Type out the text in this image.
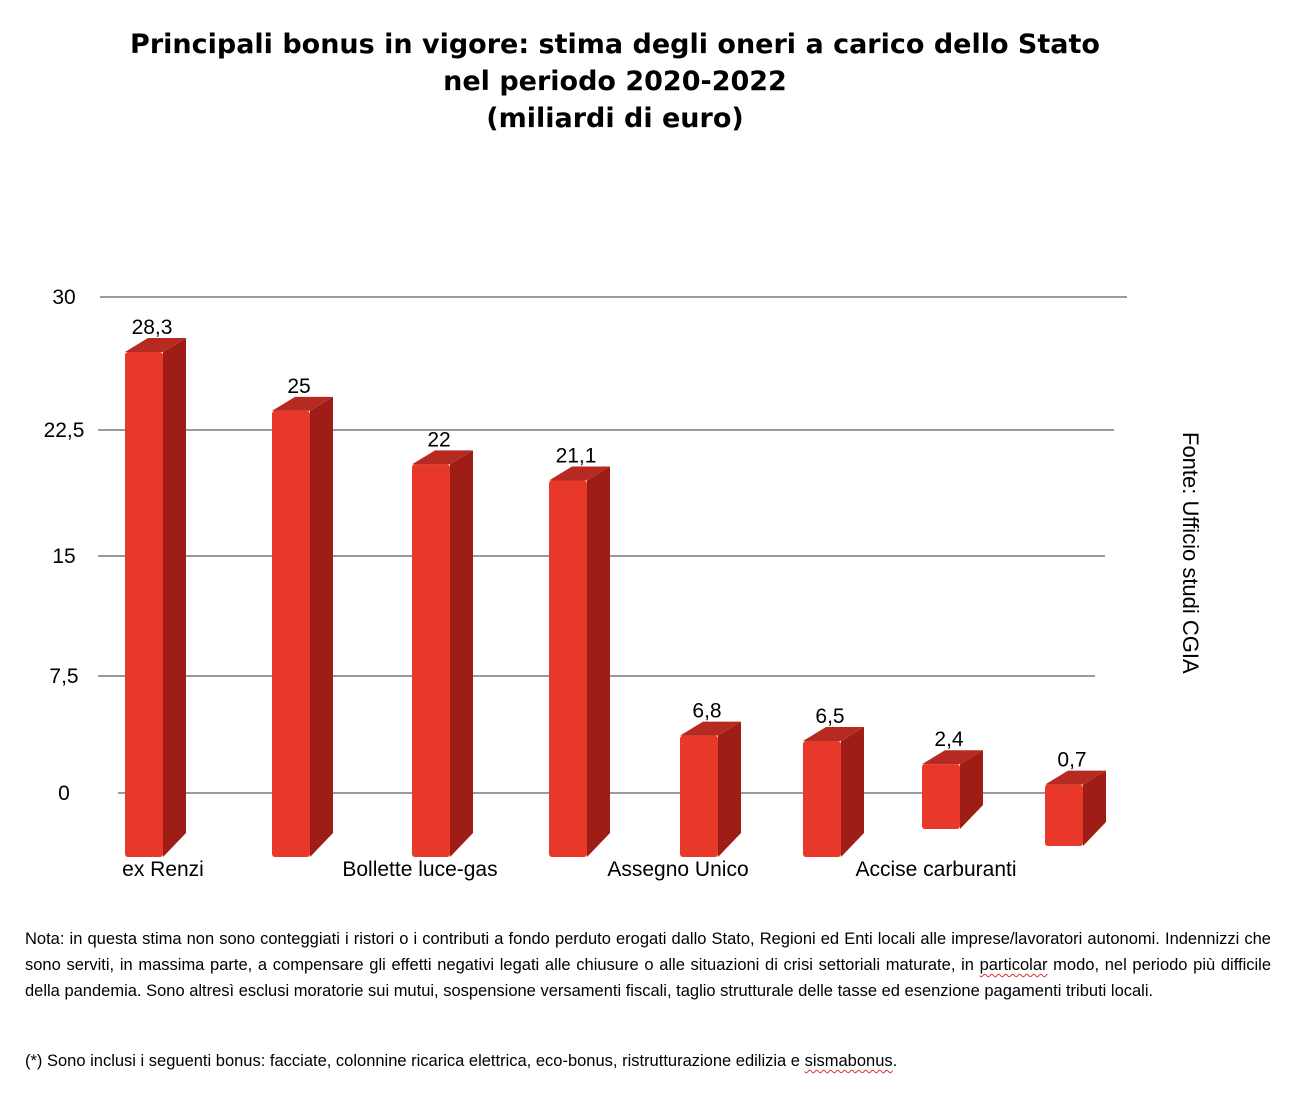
Principali bonus in vigore: stima degli oneri a carico dello Stato
nel periodo 2020-2022
(miliardi di euro)
0
7,5
15
22,5
30
28,3
25
22
21,1
6,8	6,5
2,4
0,7
ex Renzi	Bollette luce-gas	Assegno Unico	Accise carburanti
Fonte: Ufficio studi CGIA
Nota: in questa stima non sono conteggiati i ristori o i contributi a fondo perduto erogati dallo Stato, Regioni ed Enti locali alle imprese/lavoratori autonomi. Indennizzi che sono serviti, in massima parte, a compensare gli effetti negativi legati alle chiusure o alle situazioni di crisi settoriali maturate, in particolar modo, nel periodo più difficile della pandemia. Sono altresì esclusi moratorie sui mutui, sospensione versamenti fiscali, taglio strutturale delle tasse ed esenzione pagamenti tributi locali.
(*) Sono inclusi i seguenti bonus: facciate, colonnine ricarica elettrica, eco-bonus, ristrutturazione edilizia e sismabonus.
